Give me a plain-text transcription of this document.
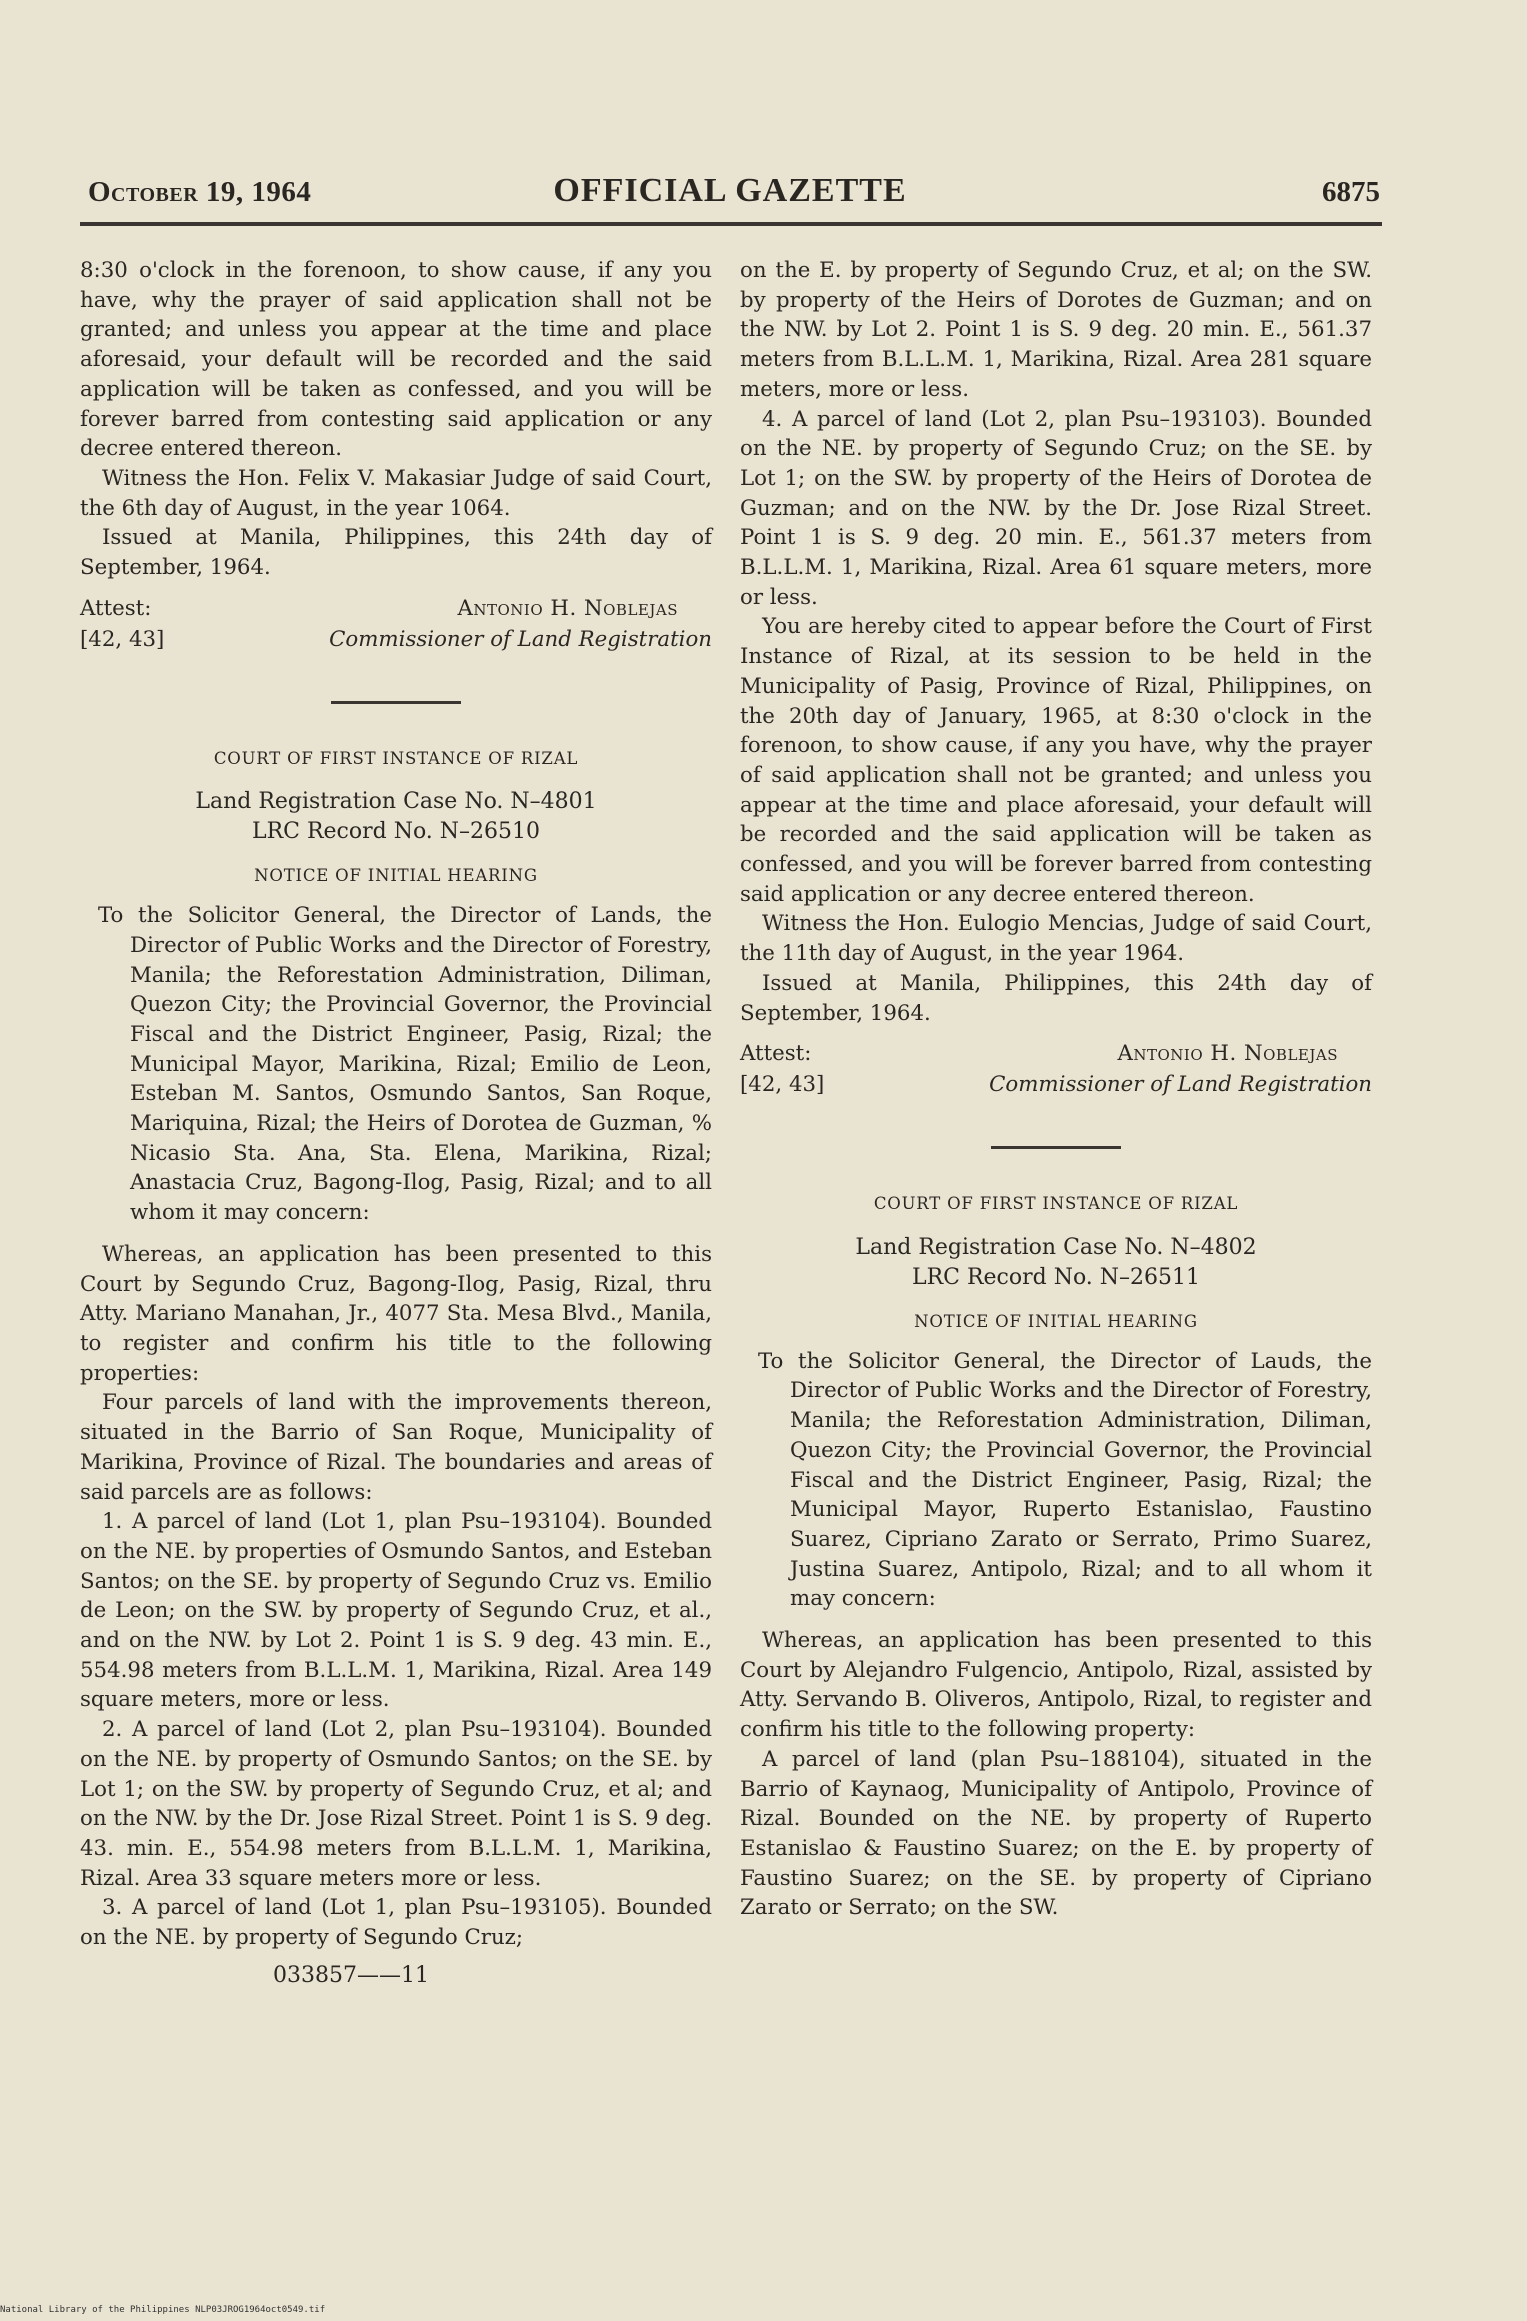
OFFICIAL GAZETTE
October 19, 1964	6875

8:30 o'clock in the forenoon, to show cause, if any you have, why the prayer of said application shall not be granted; and unless you appear at the time and place aforesaid, your default will be recorded and the said application will be taken as confessed, and you will be forever barred from contesting said application or any decree entered thereon.

Witness the Hon. Felix V. Makasiar Judge of said Court, the 6th day of August, in the year 1064.

Issued at Manila, Philippines, this 24th day of September, 1964.

Attest:
[42, 43]
Antonio H. Noblejas
Commissioner of Land Registration
COURT OF FIRST INSTANCE OF RIZAL
Land Registration Case No. N–4801
LRC Record No. N–26510
NOTICE OF INITIAL HEARING

To the Solicitor General, the Director of Lands, the Director of Public Works and the Director of Forestry, Manila; the Reforestation Administration, Diliman, Quezon City; the Provincial Governor, the Provincial Fiscal and the District Engineer, Pasig, Rizal; the Municipal Mayor, Marikina, Rizal; Emilio de Leon, Esteban M. Santos, Osmundo Santos, San Roque, Mariquina, Rizal; the Heirs of Dorotea de Guzman, % Nicasio Sta. Ana, Sta. Elena, Marikina, Rizal; Anastacia Cruz, Bagong-Ilog, Pasig, Rizal; and to all whom it may concern:

Whereas, an application has been presented to this Court by Segundo Cruz, Bagong-Ilog, Pasig, Rizal, thru Atty. Mariano Manahan, Jr., 4077 Sta. Mesa Blvd., Manila, to register and confirm his title to the following properties:

Four parcels of land with the improvements thereon, situated in the Barrio of San Roque, Municipality of Marikina, Province of Rizal. The boundaries and areas of said parcels are as follows:

1. A parcel of land (Lot 1, plan Psu–193104). Bounded on the NE. by properties of Osmundo Santos, and Esteban Santos; on the SE. by property of Segundo Cruz vs. Emilio de Leon; on the SW. by property of Segundo Cruz, et al., and on the NW. by Lot 2. Point 1 is S. 9 deg. 43 min. E., 554.98 meters from B.L.L.M. 1, Marikina, Rizal. Area 149 square meters, more or less.

2. A parcel of land (Lot 2, plan Psu–193104). Bounded on the NE. by property of Osmundo Santos; on the SE. by Lot 1; on the SW. by property of Segundo Cruz, et al; and on the NW. by the Dr. Jose Rizal Street. Point 1 is S. 9 deg. 43. min. E., 554.98 meters from B.L.L.M. 1, Marikina, Rizal. Area 33 square meters more or less.

3. A parcel of land (Lot 1, plan Psu–193105). Bounded on the NE. by property of Segundo Cruz;

033857——11

on the E. by property of Segundo Cruz, et al; on the SW. by property of the Heirs of Dorotes de Guzman; and on the NW. by Lot 2. Point 1 is S. 9 deg. 20 min. E., 561.37 meters from B.L.L.M. 1, Marikina, Rizal. Area 281 square meters, more or less.

4. A parcel of land (Lot 2, plan Psu–193103). Bounded on the NE. by property of Segundo Cruz; on the SE. by Lot 1; on the SW. by property of the Heirs of Dorotea de Guzman; and on the NW. by the Dr. Jose Rizal Street. Point 1 is S. 9 deg. 20 min. E., 561.37 meters from B.L.L.M. 1, Marikina, Rizal. Area 61 square meters, more or less.

You are hereby cited to appear before the Court of First Instance of Rizal, at its session to be held in the Municipality of Pasig, Province of Rizal, Philippines, on the 20th day of January, 1965, at 8:30 o'clock in the forenoon, to show cause, if any you have, why the prayer of said application shall not be granted; and unless you appear at the time and place aforesaid, your default will be recorded and the said application will be taken as confessed, and you will be forever barred from contesting said application or any decree entered thereon.

Witness the Hon. Eulogio Mencias, Judge of said Court, the 11th day of August, in the year 1964.

Issued at Manila, Philippines, this 24th day of September, 1964.

Attest:
[42, 43]
Antonio H. Noblejas
Commissioner of Land Registration
COURT OF FIRST INSTANCE OF RIZAL
Land Registration Case No. N–4802
LRC Record No. N–26511
NOTICE OF INITIAL HEARING

To the Solicitor General, the Director of Lauds, the Director of Public Works and the Director of Forestry, Manila; the Reforestation Administration, Diliman, Quezon City; the Provincial Governor, the Provincial Fiscal and the District Engineer, Pasig, Rizal; the Municipal Mayor, Ruperto Estanislao, Faustino Suarez, Cipriano Zarato or Serrato, Primo Suarez, Justina Suarez, Antipolo, Rizal; and to all whom it may concern:

Whereas, an application has been presented to this Court by Alejandro Fulgencio, Antipolo, Rizal, assisted by Atty. Servando B. Oliveros, Antipolo, Rizal, to register and confirm his title to the following property:

A parcel of land (plan Psu–188104), situated in the Barrio of Kaynaog, Municipality of Antipolo, Province of Rizal. Bounded on the NE. by property of Ruperto Estanislao & Faustino Suarez; on the E. by property of Faustino Suarez; on the SE. by property of Cipriano Zarato or Serrato; on the SW.

National Library of the Philippines NLP03JROG1964oct0549.tif
